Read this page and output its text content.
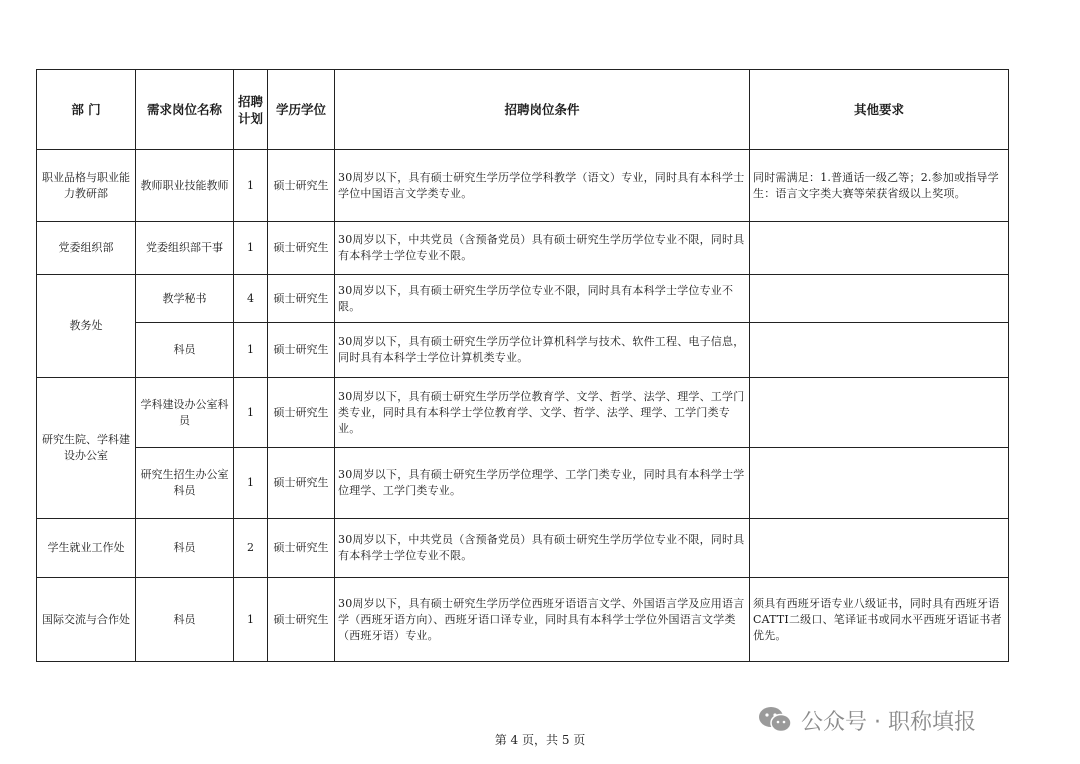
部 门	需求岗位名称	招聘计划	学历学位	招聘岗位条件	其他要求
职业品格与职业能力教研部	教师职业技能教师	1	硕士研究生	30周岁以下，具有硕士研究生学历学位学科教学（语文）专业，同时具有本科学士学位中国语言文学类专业。	同时需满足：1.普通话一级乙等；2.参加或指导学生：语言文字类大赛等荣获省级以上奖项。
党委组织部	党委组织部干事	1	硕士研究生	30周岁以下，中共党员（含预备党员）具有硕士研究生学历学位专业不限，同时具有本科学士学位专业不限。	
教务处	教学秘书	4	硕士研究生	30周岁以下，具有硕士研究生学历学位专业不限，同时具有本科学士学位专业不限。	
	科员	1	硕士研究生	30周岁以下，具有硕士研究生学历学位计算机科学与技术、软件工程、电子信息，同时具有本科学士学位计算机类专业。	
研究生院、学科建设办公室	学科建设办公室科员	1	硕士研究生	30周岁以下，具有硕士研究生学历学位教育学、文学、哲学、法学、理学、工学门类专业，同时具有本科学士学位教育学、文学、哲学、法学、理学、工学门类专业。	
	研究生招生办公室科员	1	硕士研究生	30周岁以下，具有硕士研究生学历学位理学、工学门类专业，同时具有本科学士学位理学、工学门类专业。	
学生就业工作处	科员	2	硕士研究生	30周岁以下，中共党员（含预备党员）具有硕士研究生学历学位专业不限，同时具有本科学士学位专业不限。	
国际交流与合作处	科员	1	硕士研究生	30周岁以下，具有硕士研究生学历学位西班牙语语言文学、外国语言学及应用语言学（西班牙语方向）、西班牙语口译专业，同时具有本科学士学位外国语言文学类（西班牙语）专业。	须具有西班牙语专业八级证书，同时具有西班牙语CATTI二级口、笔译证书或同水平西班牙语证书者优先。
公众号 · 职称填报
第 4 页，共 5 页
